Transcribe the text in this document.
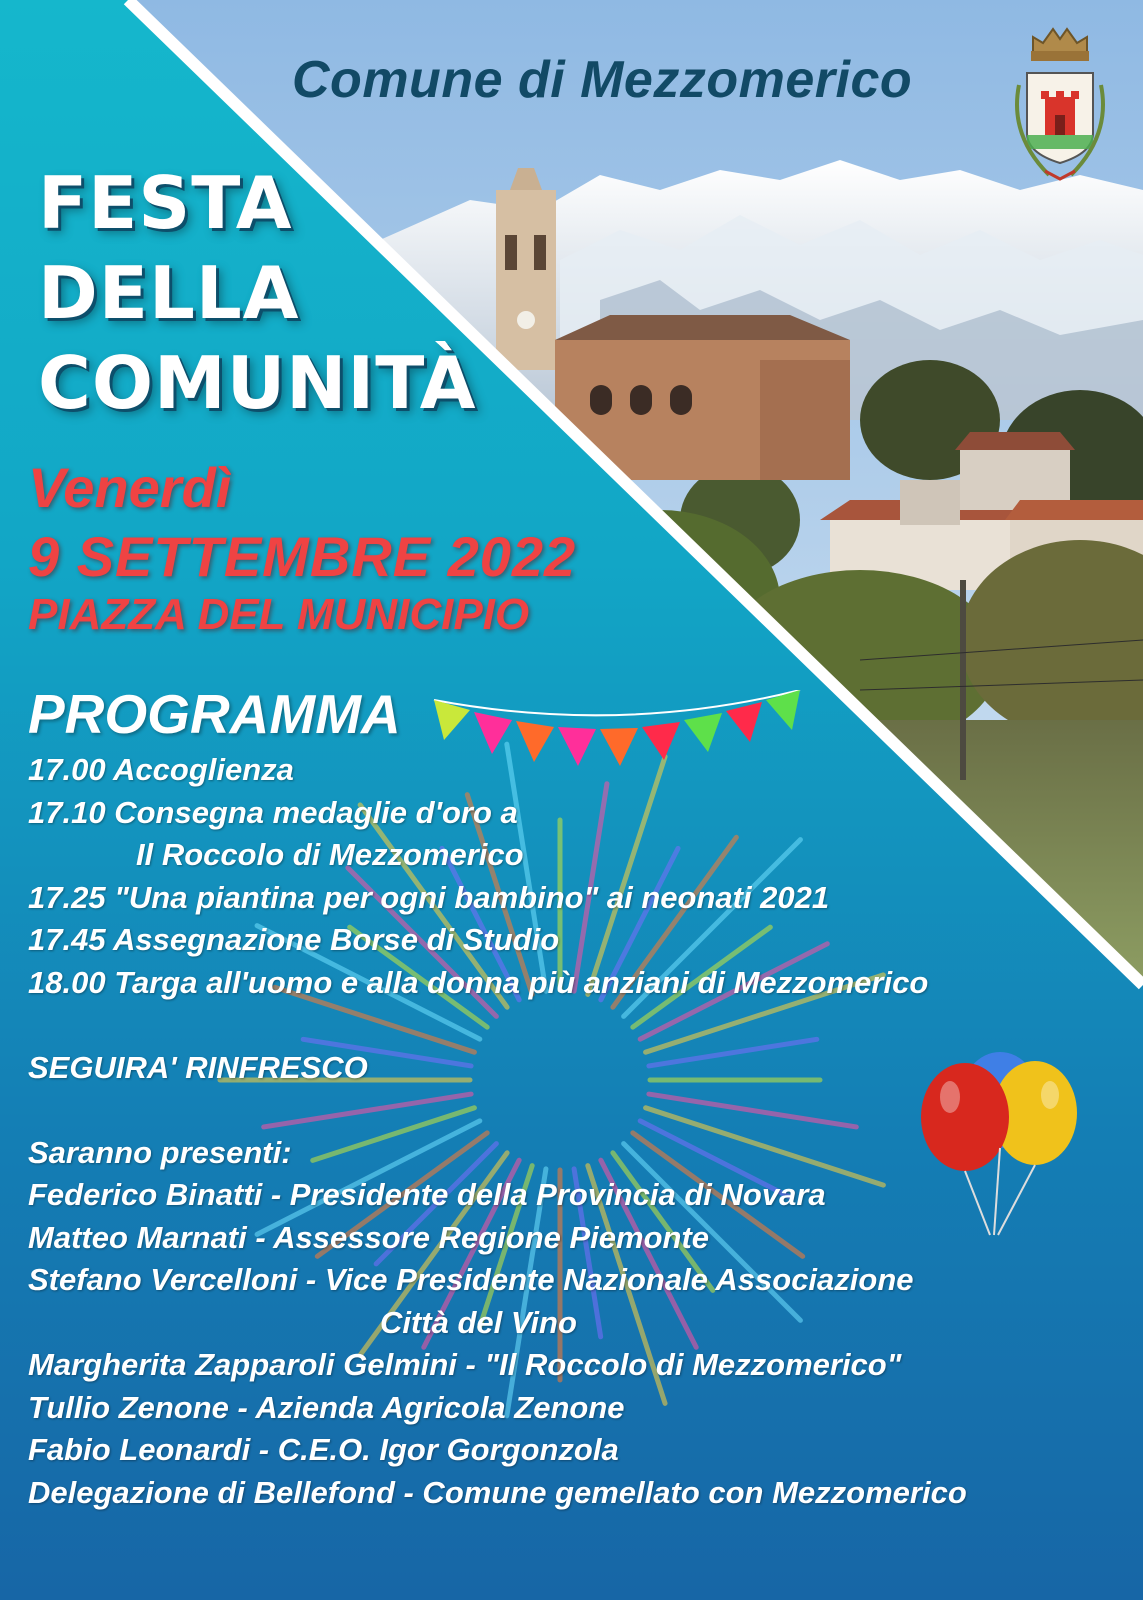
Comune di Mezzomerico
FESTA
DELLA
COMUNITÀ

Venerdì

9 SETTEMBRE 2022

PIAZZA DEL MUNICIPIO

PROGRAMMA

17.00 Accoglienza

17.10 Consegna medaglie d'oro a

Il Roccolo di Mezzomerico

17.25 "Una piantina per ogni bambino" ai neonati 2021

17.45 Assegnazione Borse di Studio

18.00 Targa all'uomo e alla donna più anziani di Mezzomerico

SEGUIRA' RINFRESCO

Saranno presenti:

Federico Binatti - Presidente della Provincia di Novara

Matteo Marnati - Assessore Regione Piemonte

Stefano Vercelloni - Vice Presidente Nazionale Associazione

Città del Vino

Margherita Zapparoli Gelmini - "Il Roccolo di Mezzomerico"

Tullio Zenone - Azienda Agricola Zenone

Fabio Leonardi - C.E.O. Igor Gorgonzola

Delegazione di Bellefond - Comune gemellato con Mezzomerico
